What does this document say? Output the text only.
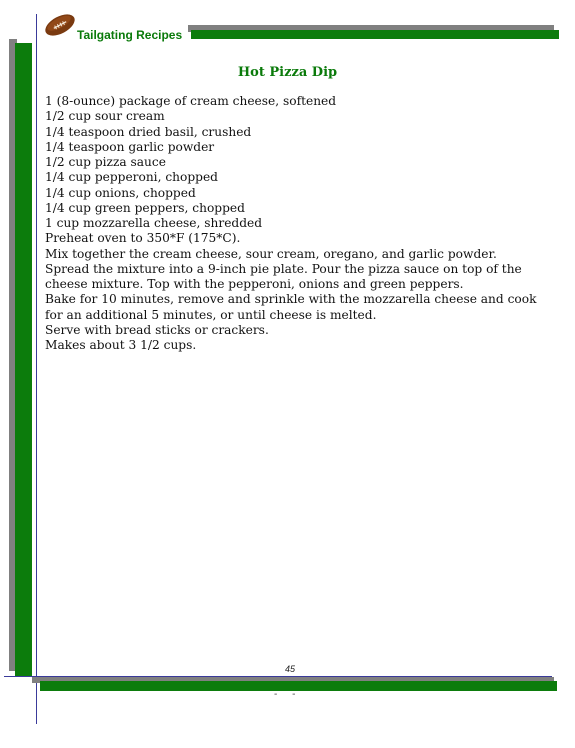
Tailgating Recipes
Hot Pizza Dip
1 (8-ounce) package of cream cheese, softened
1/2 cup sour cream
1/4 teaspoon dried basil, crushed
1/4 teaspoon garlic powder
1/2 cup pizza sauce
1/4 cup pepperoni, chopped
1/4 cup onions, chopped
1/4 cup green peppers, chopped
1 cup mozzarella cheese, shredded
Preheat oven to 350*F (175*C).
Mix together the cream cheese, sour cream, oregano, and garlic powder.
Spread the mixture into a 9-inch pie plate. Pour the pizza sauce on top of the cheese mixture. Top with the pepperoni, onions and green peppers.
Bake for 10 minutes, remove and sprinkle with the mozzarella cheese and cook for an additional 5 minutes, or until cheese is melted.
Serve with bread sticks or crackers.
Makes about 3 1/2 cups.
45
- -
